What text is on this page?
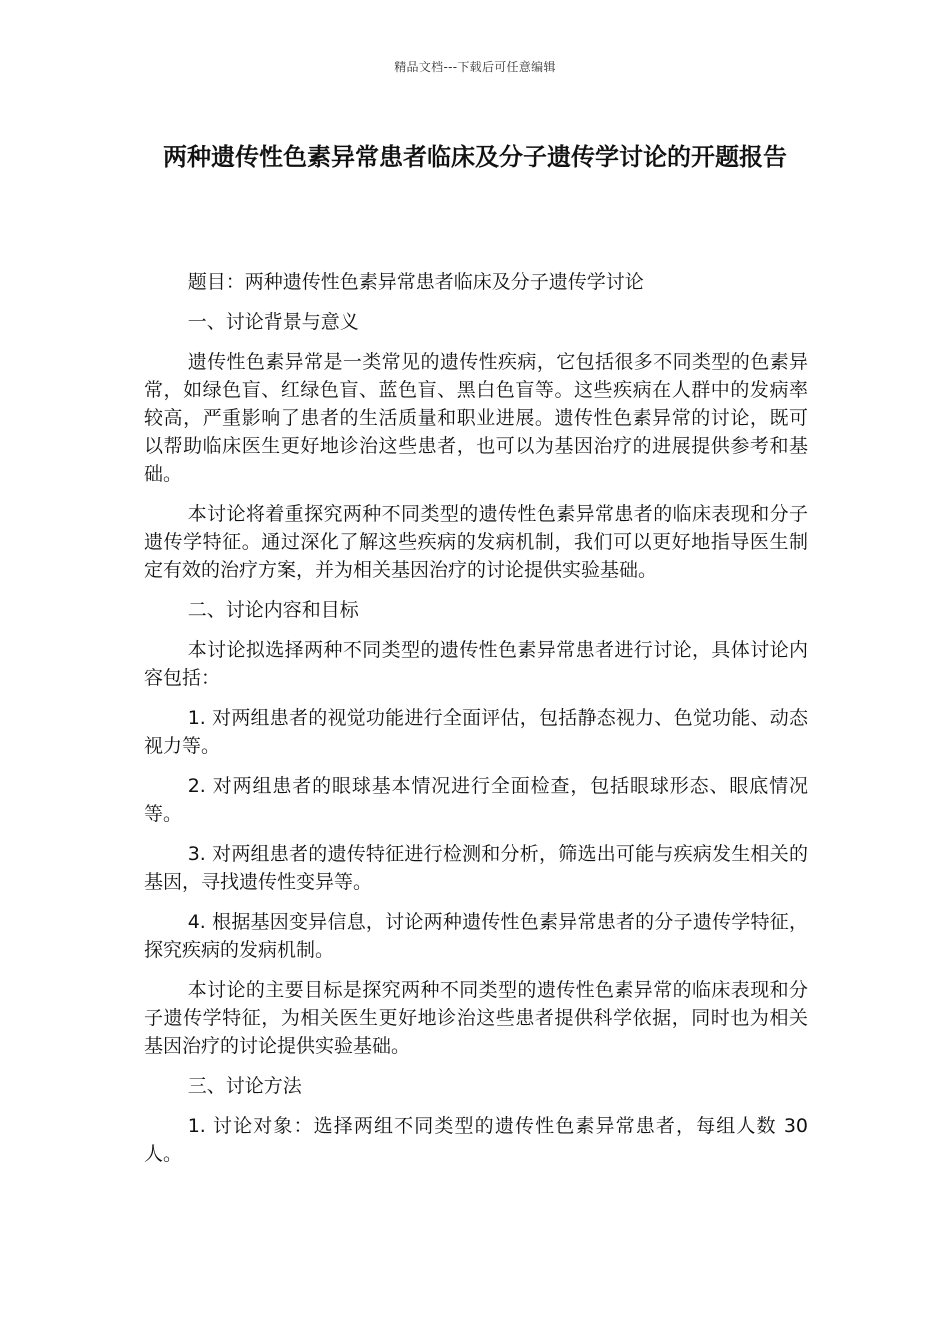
精品文档---下载后可任意编辑
两种遗传性色素异常患者临床及分子遗传学讨论的开题报告

题目：两种遗传性色素异常患者临床及分子遗传学讨论

一、讨论背景与意义

遗传性色素异常是一类常见的遗传性疾病，它包括很多不同类型的色素异常，如绿色盲、红绿色盲、蓝色盲、黑白色盲等。这些疾病在人群中的发病率较高，严重影响了患者的生活质量和职业进展。遗传性色素异常的讨论，既可以帮助临床医生更好地诊治这些患者，也可以为基因治疗的进展提供参考和基础。

本讨论将着重探究两种不同类型的遗传性色素异常患者的临床表现和分子遗传学特征。通过深化了解这些疾病的发病机制，我们可以更好地指导医生制定有效的治疗方案，并为相关基因治疗的讨论提供实验基础。

二、讨论内容和目标

本讨论拟选择两种不同类型的遗传性色素异常患者进行讨论，具体讨论内容包括：

1. 对两组患者的视觉功能进行全面评估，包括静态视力、色觉功能、动态视力等。

2. 对两组患者的眼球基本情况进行全面检查，包括眼球形态、眼底情况等。

3. 对两组患者的遗传特征进行检测和分析，筛选出可能与疾病发生相关的基因，寻找遗传性变异等。

4. 根据基因变异信息，讨论两种遗传性色素异常患者的分子遗传学特征，探究疾病的发病机制。

本讨论的主要目标是探究两种不同类型的遗传性色素异常的临床表现和分子遗传学特征，为相关医生更好地诊治这些患者提供科学依据，同时也为相关基因治疗的讨论提供实验基础。

三、讨论方法

1. 讨论对象：选择两组不同类型的遗传性色素异常患者，每组人数 30 人。
